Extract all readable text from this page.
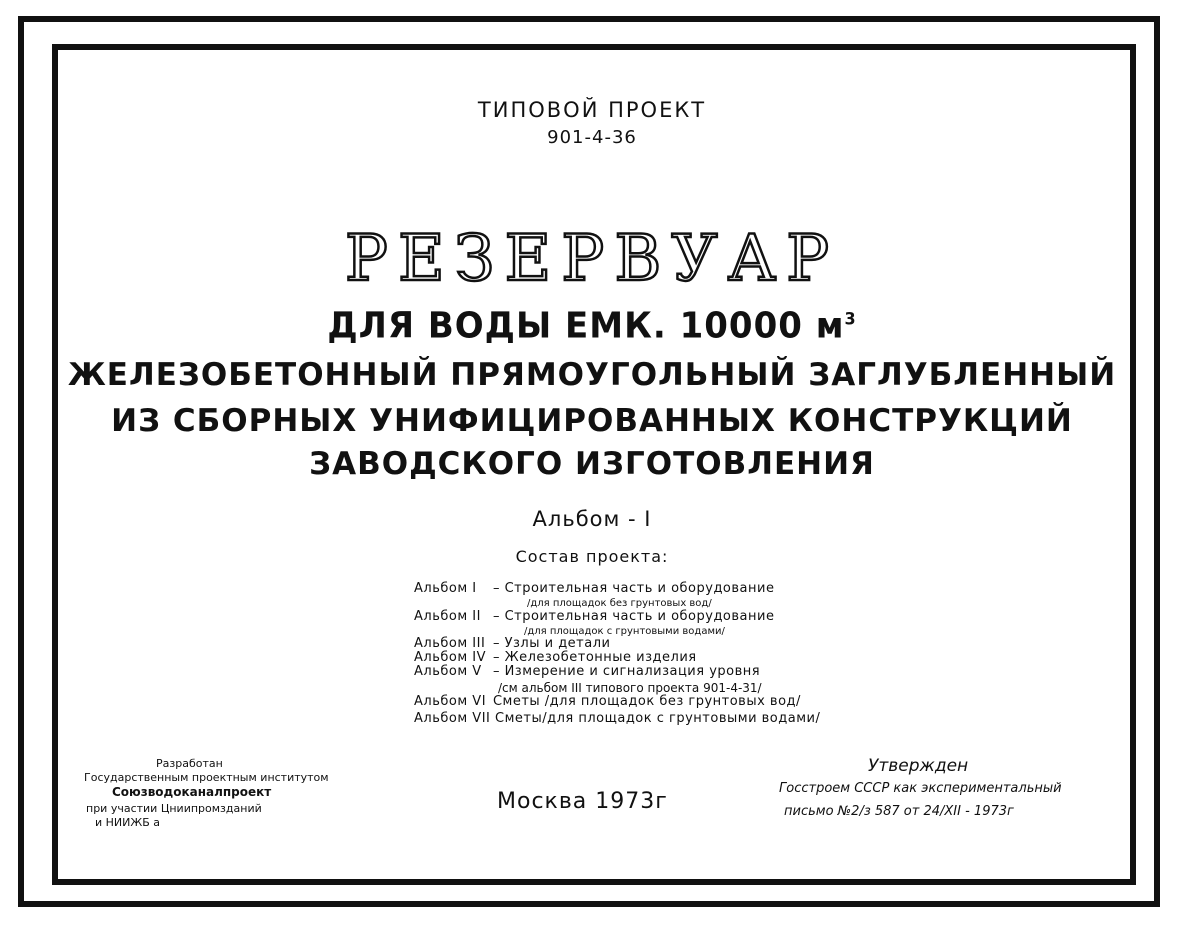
ТИПОВОЙ ПРОЕКТ
901-4-36
РЕЗЕРВУАР
ДЛЯ ВОДЫ ЕМК. 10000 $м^3$
ЖЕЛЕЗОБЕТОННЫЙ ПРЯМОУГОЛЬНЫЙ ЗАГЛУБЛЕННЫЙ
ИЗ СБОРНЫХ УНИФИЦИРОВАННЫХ КОНСТРУКЦИЙ
ЗАВОДСКОГО ИЗГОТОВЛЕНИЯ
Альбом - I
Состав проекта:
Альбом I – Строительная часть и оборудование
/для площадок без грунтовых вод/
Альбом II – Строительная часть и оборудование
/для площадок с грунтовыми водами/
Альбом III – Узлы и детали
Альбом IV – Железобетонные изделия
Альбом V – Измерение и сигнализация уровня
/см альбом III типового проекта 901-4-31/
Альбом VI Сметы /для площадок без грунтовых вод/
Альбом VII Сметы/для площадок с грунтовыми водами/
Разработан
Государственным проектным институтом
Союзводоканалпроект
при участии Цниипромзданий
и НИИЖБ а
Москва 1973г
Утвержден
Госстроем СССР как экспериментальный
письмо №2/з 587 от 24/XII - 1973г
